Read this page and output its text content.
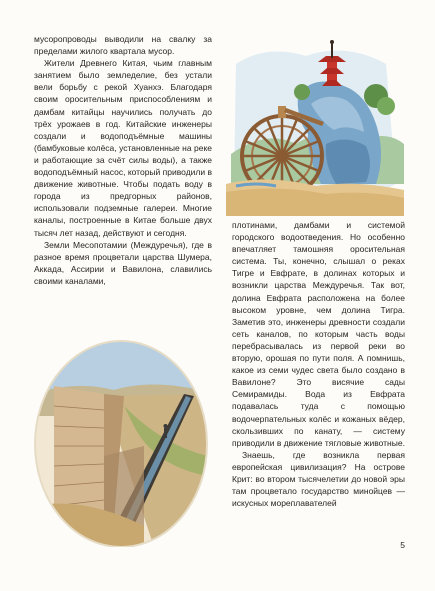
мусоропроводы выводили на свалку за пределами жилого квартала мусор.

Жители Древнего Китая, чьим главным занятием было земледелие, без устали вели борьбу с рекой Хуанхэ. Благодаря своим оросительным приспособлениям и дамбам китайцы научились получать до трёх урожаев в год. Китайские инженеры создали и водоподъёмные машины (бамбуковые колёса, установленные на реке и работающие за счёт силы воды), а также водоподъёмный насос, который приводили в движение животные. Чтобы подать воду в города из предгорных районов, использовали подземные галереи. Многие каналы, построенные в Китае больше двух тысяч лет назад, действуют и сегодня.

Земли Месопотамии (Междуречья), где в разное время процветали царства Шумера, Аккада, Ассирии и Вавилона, славились своими каналами,

плотинами, дамбами и системой городского водоотведения. Но особенно впечатляет тамошняя оросительная система. Ты, конечно, слышал о реках Тигре и Евфрате, в долинах которых и возникли царства Междуречья. Так вот, долина Евфрата расположена на более высоком уровне, чем долина Тигра. Заметив это, инженеры древности создали сеть каналов, по которым часть воды перебрасывалась из первой реки во вторую, орошая по пути поля. А помнишь, какое из семи чудес света было создано в Вавилоне? Это висячие сады Семирамиды. Вода из Евфрата подавалась туда с помощью водочерпательных колёс и кожаных вёдер, скользивших по канату, — систему приводили в движение тягловые животные.

Знаешь, где возникла первая европейская цивилизация? На острове Крит: во втором тысячелетии до новой эры там процветало государство минойцев — искусных мореплавателей

5
